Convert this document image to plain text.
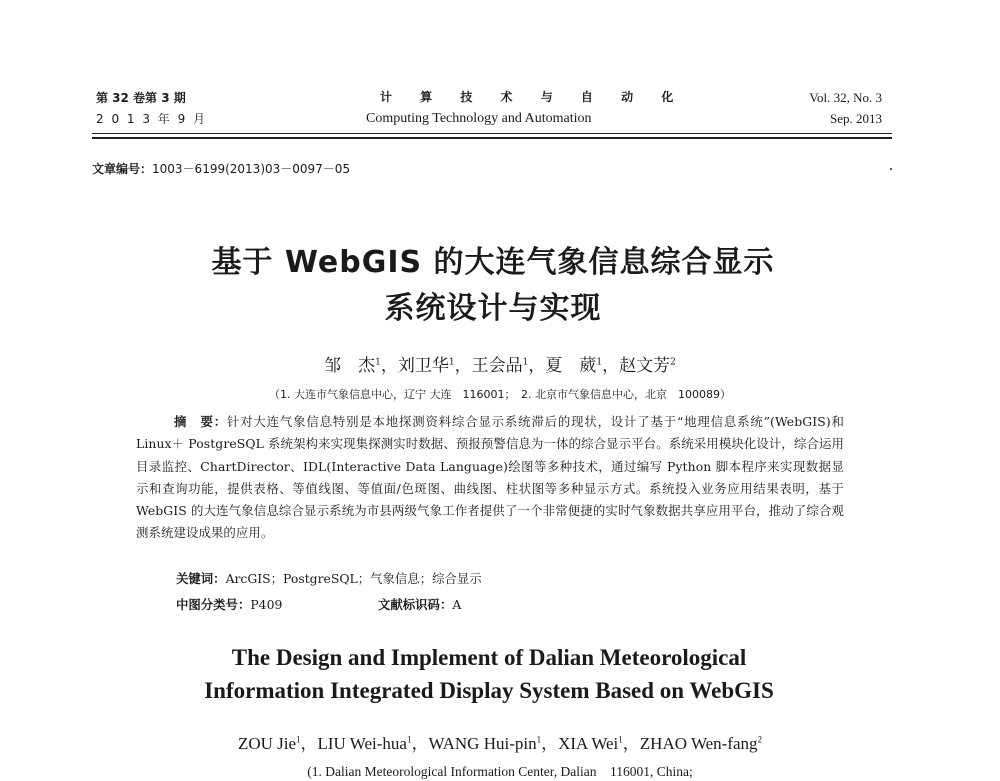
第 32 卷第 3 期
2 0 1 3 年 9 月
计 算 技 术 与 自 动 化
Computing Technology and Automation
Vol. 32, No. 3
Sep. 2013
文章编号：1003－6199(2013)03－0097－05
基于 WebGIS 的大连气象信息综合显示
系统设计与实现
邹　杰$^1$，刘卫华$^1$，王会品$^1$，夏　葳$^1$，赵文芳$^2$
（1. 大连市气象信息中心，辽宁 大连　116001；　2. 北京市气象信息中心，北京　100089）
摘　要：针对大连气象信息特别是本地探测资料综合显示系统滞后的现状，设计了基于“地理信息系统”(WebGIS)和 Linux＋ PostgreSQL 系统架构来实现集探测实时数据、预报预警信息为一体的综合显示平台。系统采用模块化设计，综合运用目录监控、ChartDirector、IDL(Interactive Data Language)绘图等多种技术，通过编写 Python 脚本程序来实现数据显示和查询功能，提供表格、等值线图、等值面/色斑图、曲线图、柱状图等多种显示方式。系统投入业务应用结果表明，基于 WebGIS 的大连气象信息综合显示系统为市县两级气象工作者提供了一个非常便捷的实时气象数据共享应用平台，推动了综合观测系统建设成果的应用。
关键词：ArcGIS；PostgreSQL；气象信息；综合显示
中图分类号：P409	文献标识码：A
The Design and Implement of Dalian Meteorological
Information Integrated Display System Based on WebGIS
ZOU Jie$^1$，LIU Wei-hua$^1$，WANG Hui-pin$^1$，XIA Wei$^1$，ZHAO Wen-fang$^2$
(1. Dalian Meteorological Information Center, Dalian　116001, China;
